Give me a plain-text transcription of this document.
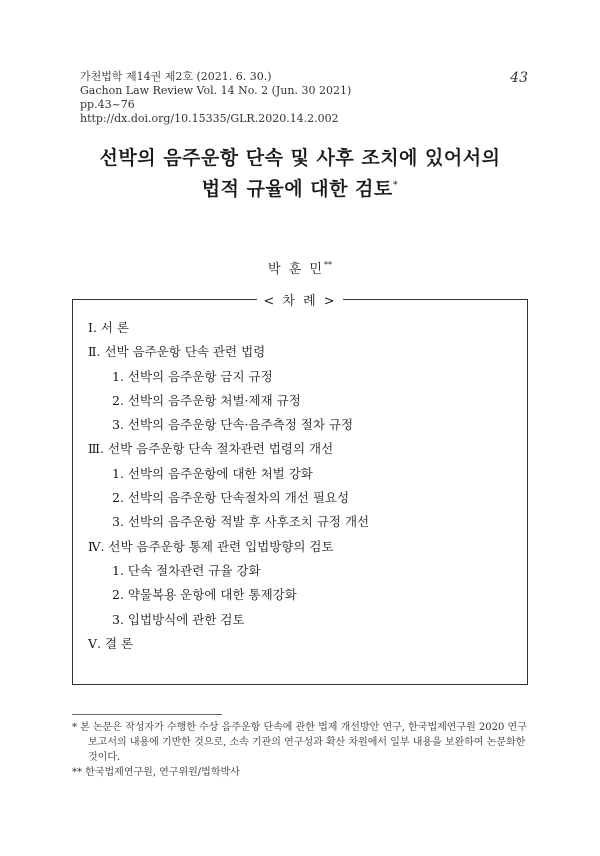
가천법학 제14권 제2호 (2021. 6. 30.)
Gachon Law Review Vol. 14 No. 2 (Jun. 30 2021)
pp.43~76
http://dx.doi.org/10.15335/GLR.2020.14.2.002
43
선박의 음주운항 단속 및 사후 조치에 있어서의
법적 규율에 대한 검토*
박 훈 민**
< 차 례 >
Ⅰ. 서 론
Ⅱ. 선박 음주운항 단속 관련 법령
1. 선박의 음주운항 금지 규정
2. 선박의 음주운항 처벌·제재 규정
3. 선박의 음주운항 단속·음주측정 절차 규정
Ⅲ. 선박 음주운항 단속 절차관련 법령의 개선
1. 선박의 음주운항에 대한 처벌 강화
2. 선박의 음주운항 단속절차의 개선 필요성
3. 선박의 음주운항 적발 후 사후조치 규정 개선
Ⅳ. 선박 음주운항 통제 관련 입법방향의 검토
1. 단속 절차관련 규율 강화
2. 약물복용 운항에 대한 통제강화
3. 입법방식에 관한 검토
Ⅴ. 결 론
* 본 논문은 작성자가 수행한 수상 음주운항 단속에 관한 법제 개선방안 연구, 한국법제연구원 2020 연구보고서의 내용에 기반한 것으로, 소속 기관의 연구성과 확산 차원에서 일부 내용을 보완하여 논문화한 것이다.
** 한국법제연구원, 연구위원/법학박사
